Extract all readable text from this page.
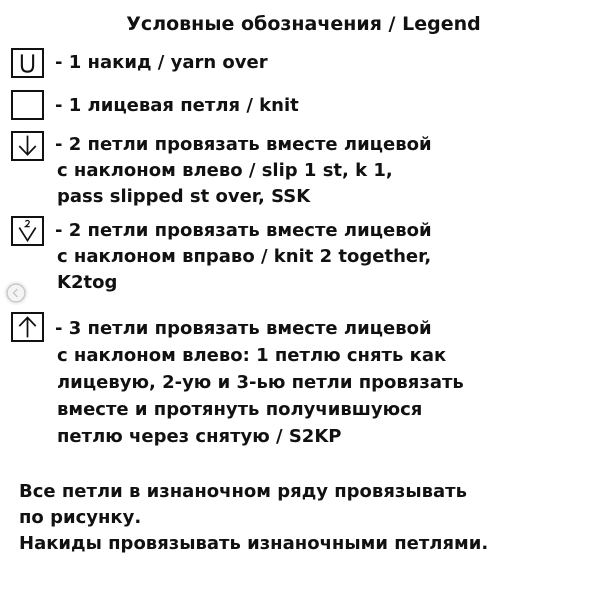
Условные обозначения / Legend
- 1 накид / yarn over
- 1 лицевая петля / knit
- 2 петли провязать вместе лицевой
с наклоном влево / slip 1 st, k 1,
pass slipped st over, SSK
- 2 петли провязать вместе лицевой
с наклоном вправо / knit 2 together,
K2tog
- 3 петли провязать вместе лицевой
с наклоном влево: 1 петлю снять как
лицевую, 2-ую и 3-ью петли провязать
вместе и протянуть получившуюся
петлю через снятую / S2KP
Все петли в изнаночном ряду провязывать
по рисунку.
Накиды провязывать изнаночными петлями.
